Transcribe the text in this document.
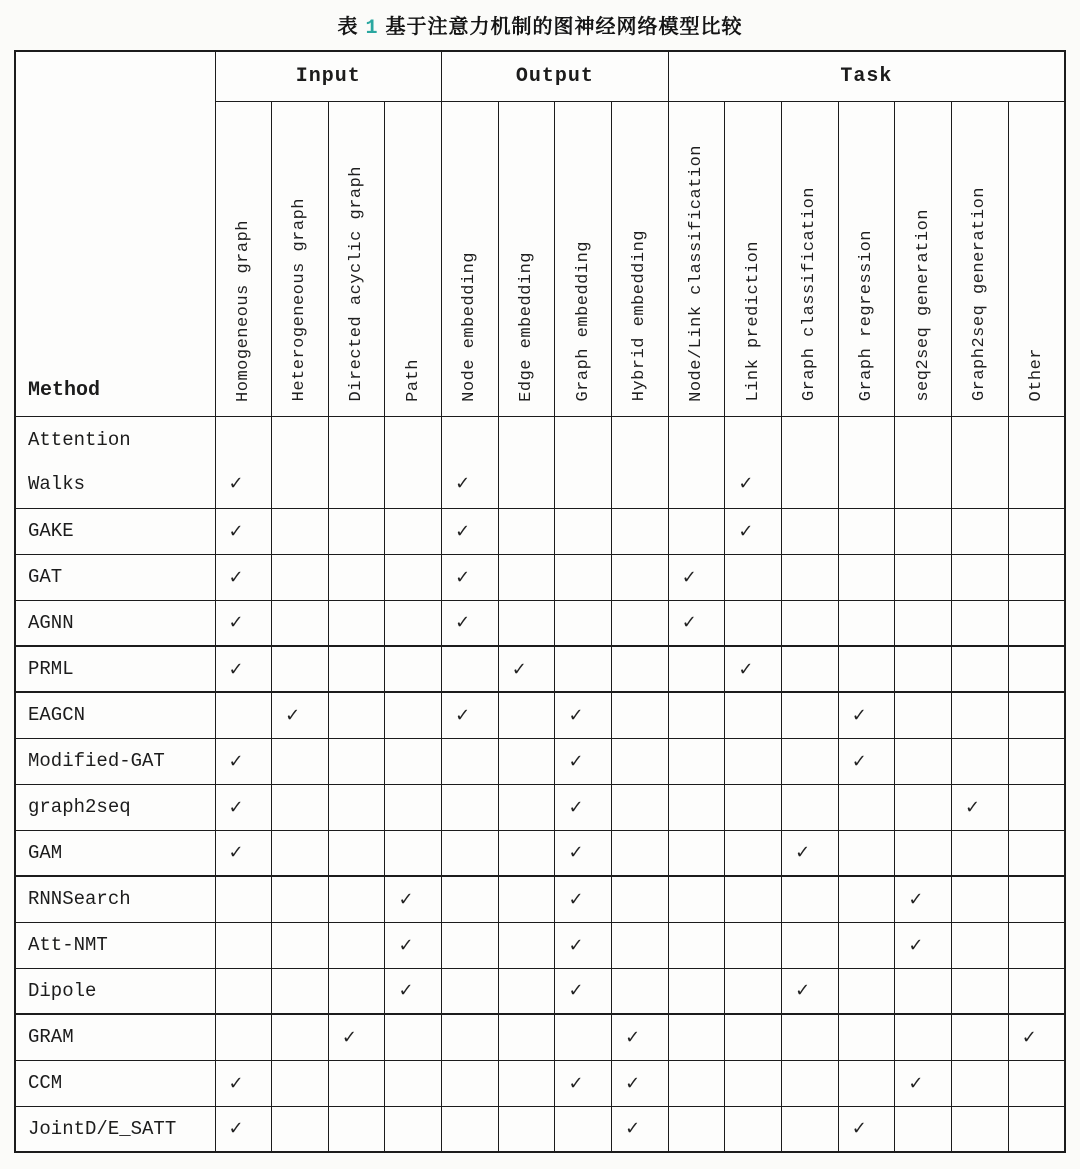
表 1 基于注意力机制的图神经网络模型比较
Method	Input				Output				Task						
	Homogeneous graph	Heterogeneous graph	Directed acyclic graph	Path	Node embedding	Edge embedding	Graph embedding	Hybrid embedding	Node/Link classification	Link prediction	Graph classification	Graph regression	seq2seq generation	Graph2seq generation	Other

Attention
Walks	✓				✓					✓					
GAKE	✓				✓					✓					
GAT	✓				✓				✓						
AGNN	✓				✓				✓						
PRML	✓					✓				✓					
EAGCN		✓			✓		✓					✓			
Modified-GAT	✓						✓					✓			
graph2seq	✓						✓							✓	
GAM	✓						✓				✓				
RNNSearch				✓			✓						✓		
Att-NMT				✓			✓						✓		
Dipole				✓			✓				✓				
GRAM			✓					✓							✓
CCM	✓						✓	✓					✓		
JointD/E_SATT	✓							✓				✓			
